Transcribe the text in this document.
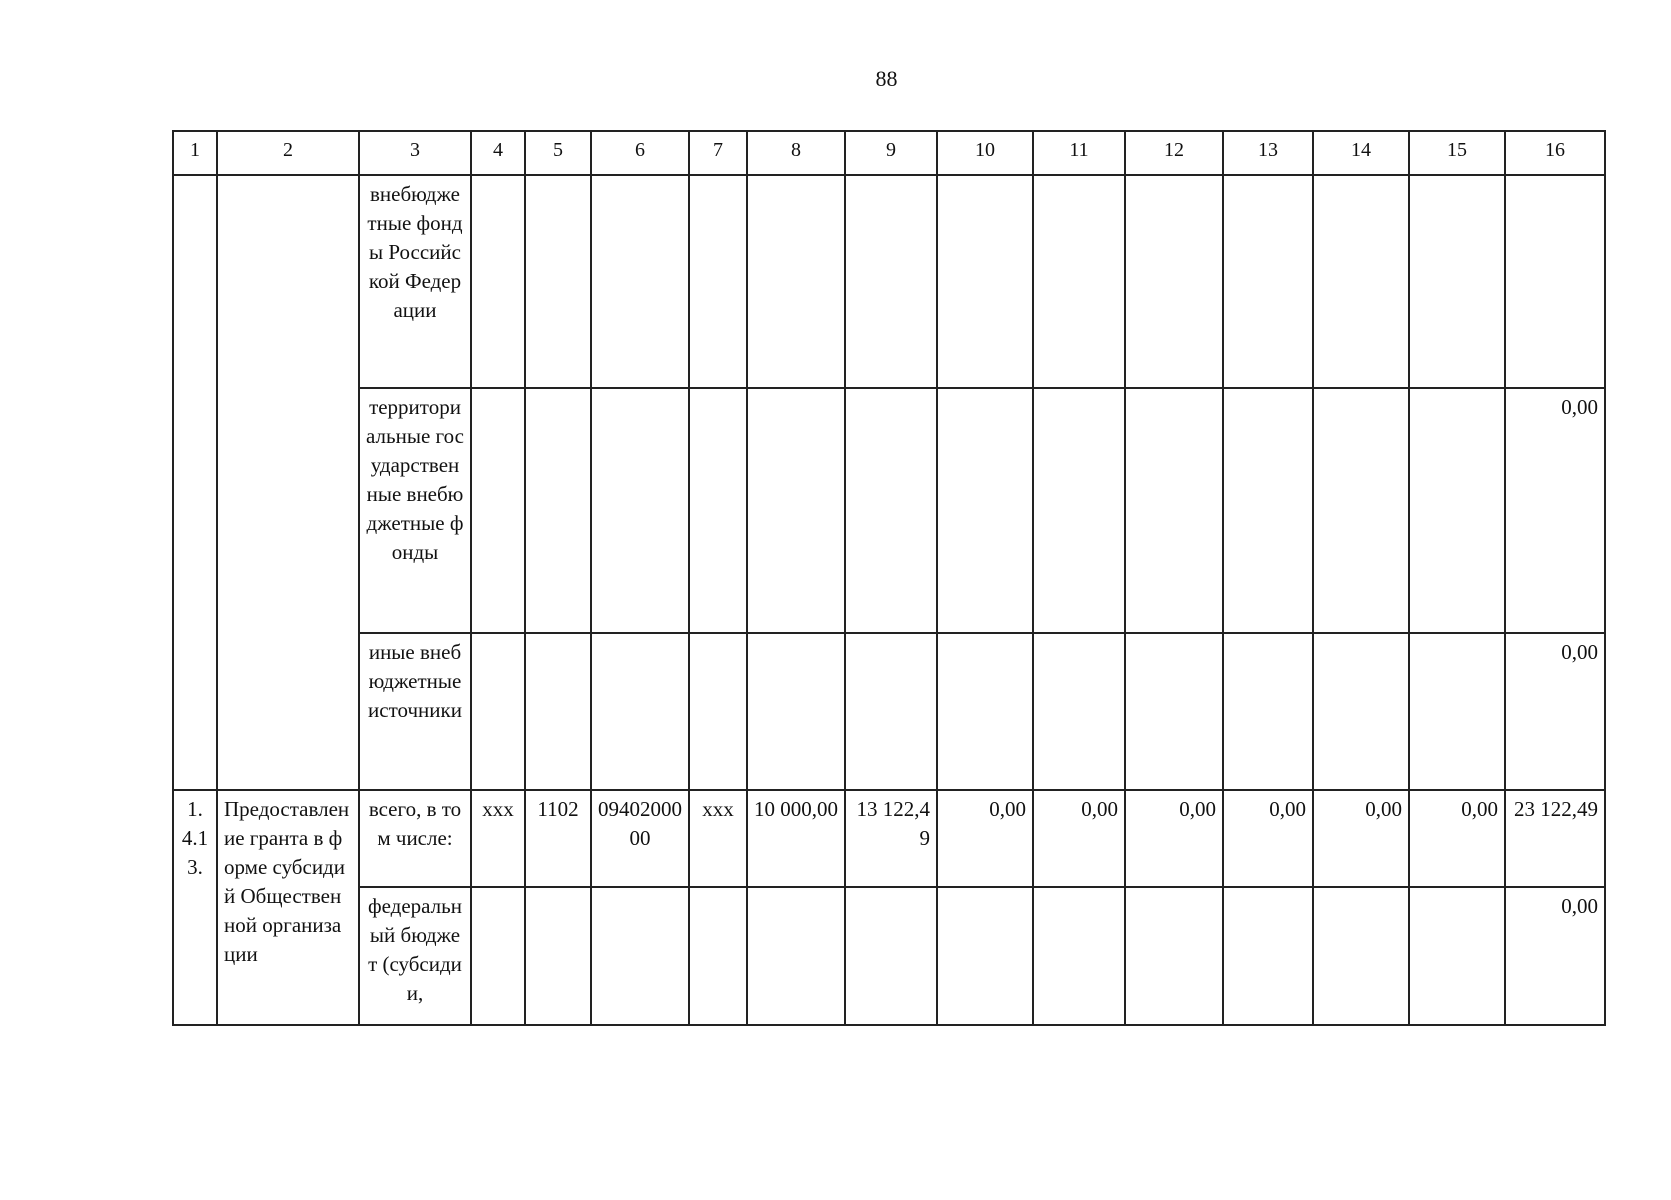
88
1	2	3	4	5	6	7	8	9	10	11	12	13	14	15	16
		внебюджетные фонды Российской Федерации													
		территориальные государственные внебюджетные фонды													0,00
		иные внебюджетные источники													0,00
1.4.13.	Предоставление гранта в форме субсидий Общественной организации	всего, в том числе:	ххх	1102	0940200000	ххх	10 000,00	13 122,49	0,00	0,00	0,00	0,00	0,00	0,00	23 122,49
		федеральный бюджет (субсидии,													0,00
